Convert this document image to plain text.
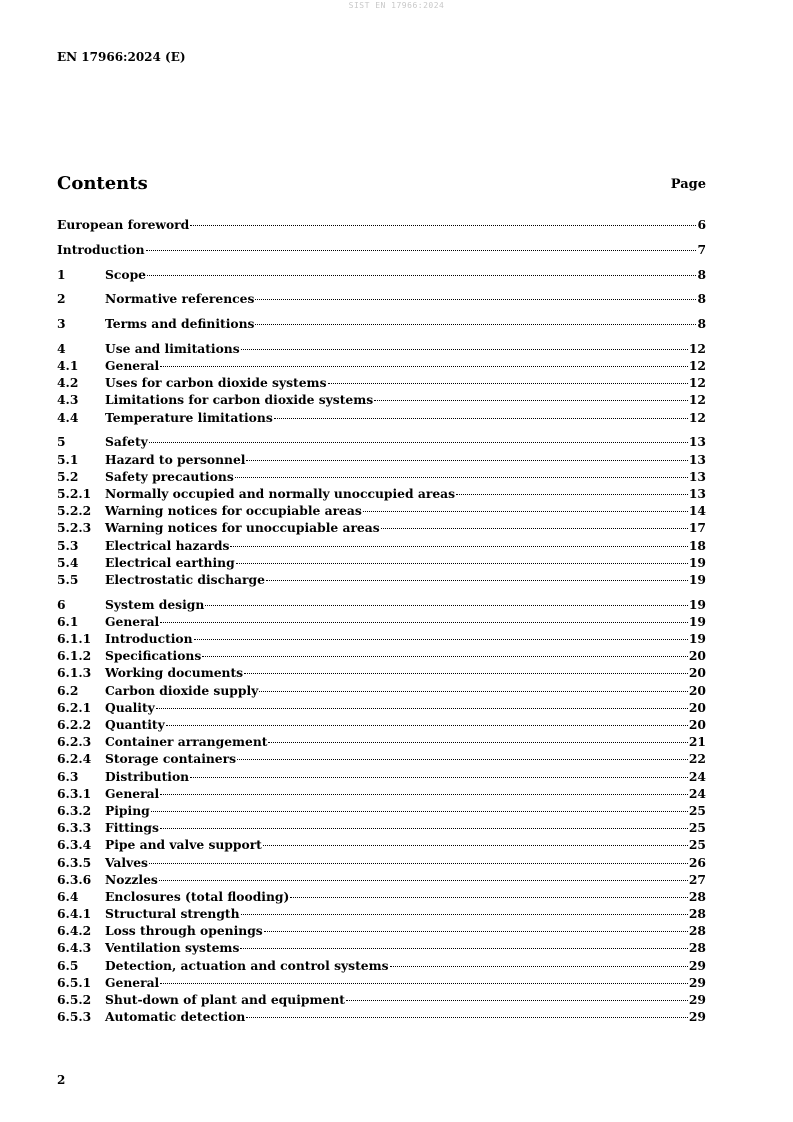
SIST EN 17966:2024
EN 17966:2024 (E)
Contents	Page
European foreword	6
Introduction	7
1	Scope	8
2	Normative references	8
3	Terms and definitions	8
4	Use and limitations	12
4.1	General	12
4.2	Uses for carbon dioxide systems	12
4.3	Limitations for carbon dioxide systems	12
4.4	Temperature limitations	12
5	Safety	13
5.1	Hazard to personnel	13
5.2	Safety precautions	13
5.2.1	Normally occupied and normally unoccupied areas	13
5.2.2	Warning notices for occupiable areas	14
5.2.3	Warning notices for unoccupiable areas	17
5.3	Electrical hazards	18
5.4	Electrical earthing	19
5.5	Electrostatic discharge	19
6	System design	19
6.1	General	19
6.1.1	Introduction	19
6.1.2	Specifications	20
6.1.3	Working documents	20
6.2	Carbon dioxide supply	20
6.2.1	Quality	20
6.2.2	Quantity	20
6.2.3	Container arrangement	21
6.2.4	Storage containers	22
6.3	Distribution	24
6.3.1	General	24
6.3.2	Piping	25
6.3.3	Fittings	25
6.3.4	Pipe and valve support	25
6.3.5	Valves	26
6.3.6	Nozzles	27
6.4	Enclosures (total flooding)	28
6.4.1	Structural strength	28
6.4.2	Loss through openings	28
6.4.3	Ventilation systems	28
6.5	Detection, actuation and control systems	29
6.5.1	General	29
6.5.2	Shut-down of plant and equipment	29
6.5.3	Automatic detection	29
2
